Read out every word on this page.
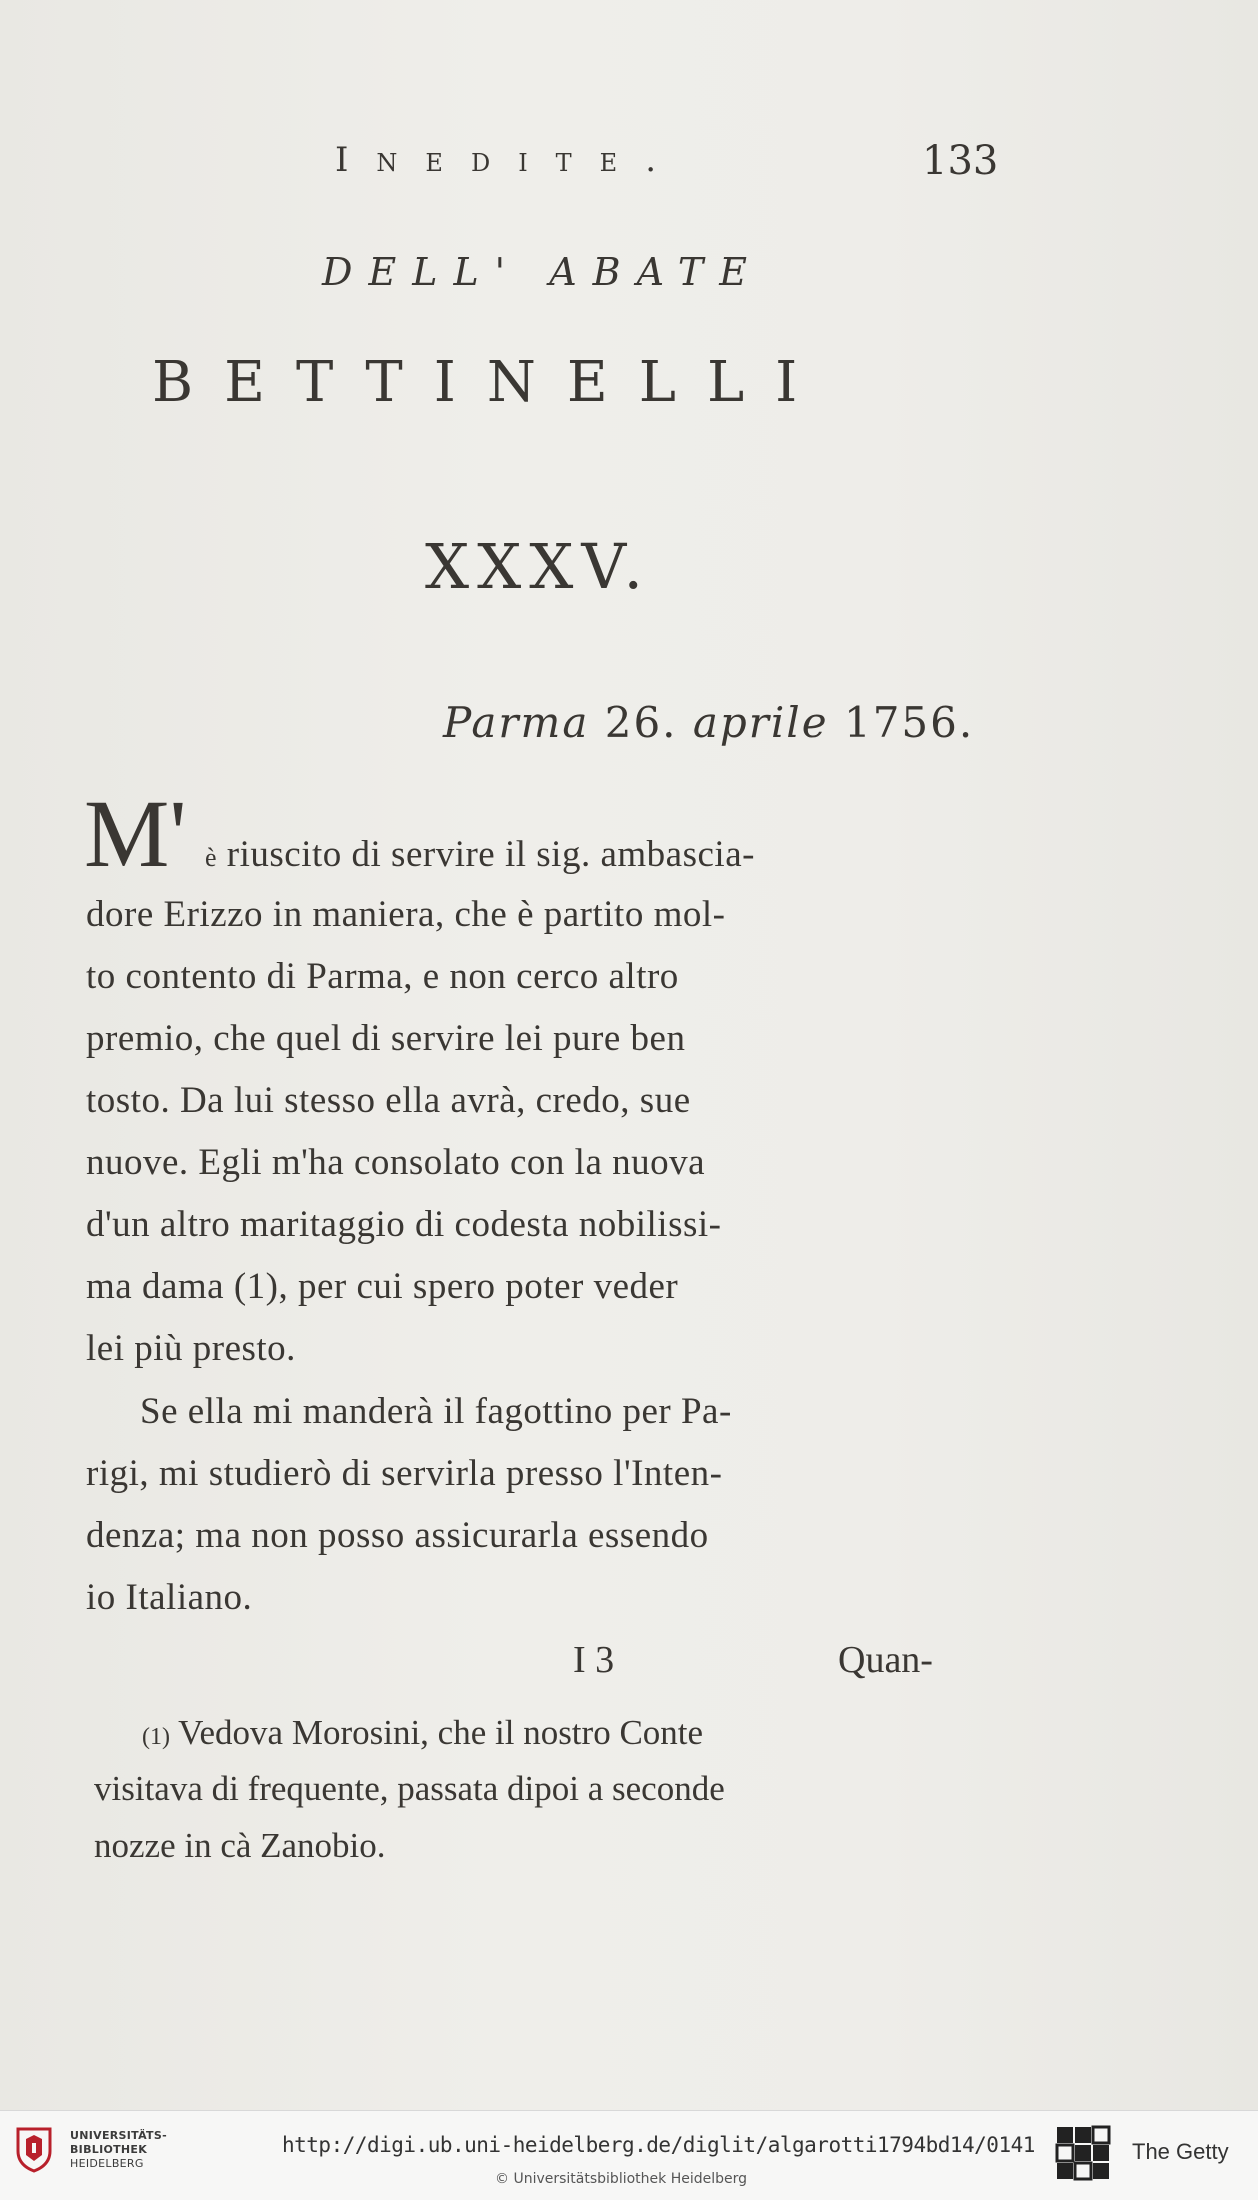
Inedite.	133
DELL' ABATE
BETTINELLI
XXXV.
Parma 26. aprile 1756.
M' è riuscito di servire il sig. ambascia-
dore Erizzo in maniera, che è partito mol-
to contento di Parma, e non cerco altro
premio, che quel di servire lei pure ben
tosto. Da lui stesso ella avrà, credo, sue
nuove. Egli m'ha consolato con la nuova
d'un altro maritaggio di codesta nobilissi-
ma dama (1), per cui spero poter veder
lei più presto.
Se ella mi manderà il fagottino per Pa-
rigi, mi studierò di servirla presso l'Inten-
denza; ma non posso assicurarla essendo
io Italiano.
I 3	Quan-
(1) Vedova Morosini, che il nostro Conte
visitava di frequente, passata dipoi a seconde
nozze in cà Zanobio.
UNIVERSITÄTS-
BIBLIOTHEK
HEIDELBERG
http://digi.ub.uni-heidelberg.de/diglit/algarotti1794bd14/0141
© Universitätsbibliothek Heidelberg
The Getty
